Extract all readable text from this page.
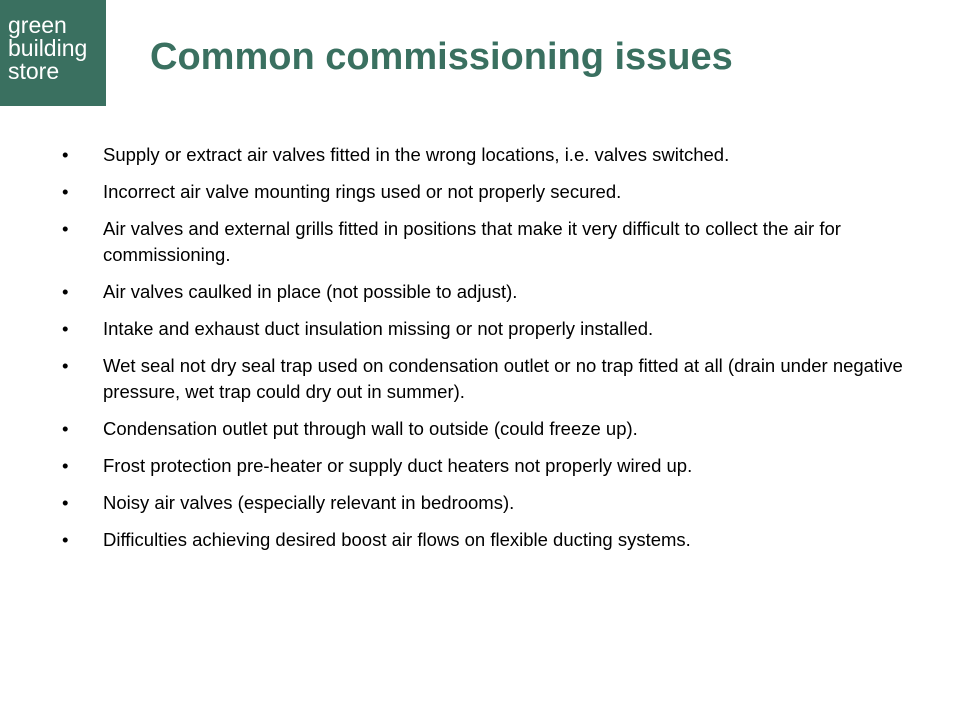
green
building
store	Common commissioning issues
• Supply or extract air valves fitted in the wrong locations, i.e. valves switched.
• Incorrect air valve mounting rings used or not properly secured.
• Air valves and external grills fitted in positions that make it very difficult to collect the air for commissioning.
• Air valves caulked in place (not possible to adjust).
• Intake and exhaust duct insulation missing or not properly installed.
• Wet seal not dry seal trap used on condensation outlet or no trap fitted at all (drain under negative pressure, wet trap could dry out in summer).
• Condensation outlet put through wall to outside (could freeze up).
• Frost protection pre-heater or supply duct heaters not properly wired up.
• Noisy air valves (especially relevant in bedrooms).
• Difficulties achieving desired boost air flows on flexible ducting systems.
